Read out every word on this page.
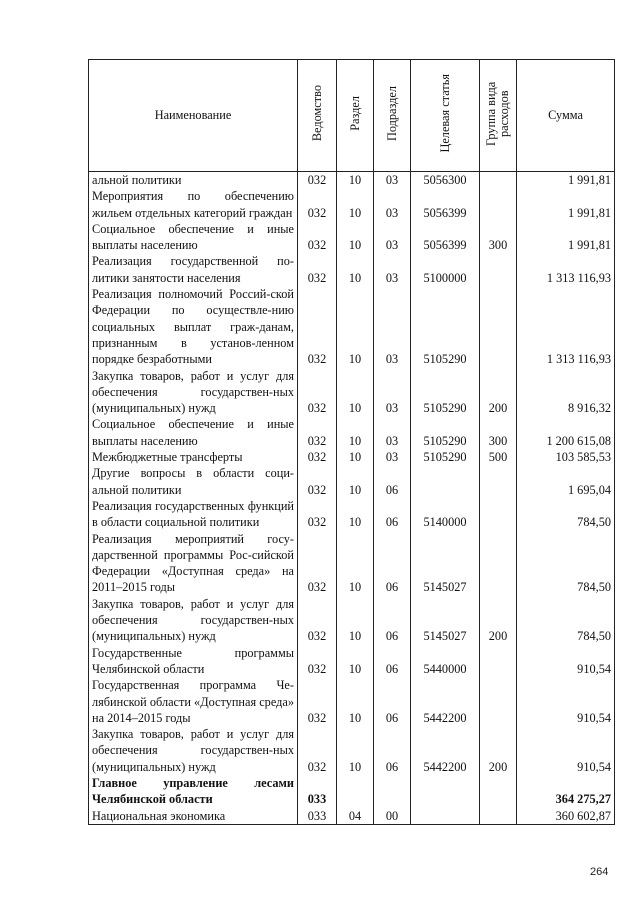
Наименование	Ведомство	Раздел	Подраздел	Целевая статья	Группа вида расходов	Сумма
альной политики	032	10	03	5056300		1 991,81
Мероприятия по обеспечению жильем отдельных категорий граждан	032	10	03	5056399		1 991,81
Социальное обеспечение и иные выплаты населению	032	10	03	5056399	300	1 991,81
Реализация государственной по-литики занятости населения	032	10	03	5100000		1 313 116,93
Реализация полномочий Россий-ской Федерации по осуществле-нию социальных выплат граж-данам, признанным в установ-ленном порядке безработными	032	10	03	5105290		1 313 116,93
Закупка товаров, работ и услуг для обеспечения государствен-ных (муниципальных) нужд	032	10	03	5105290	200	8 916,32
Социальное обеспечение и иные выплаты населению	032	10	03	5105290	300	1 200 615,08
Межбюджетные трансферты	032	10	03	5105290	500	103 585,53
Другие вопросы в области соци-альной политики	032	10	06			1 695,04
Реализация государственных функций в области социальной политики	032	10	06	5140000		784,50
Реализация мероприятий госу-дарственной программы Рос-сийской Федерации «Доступная среда» на 2011–2015 годы	032	10	06	5145027		784,50
Закупка товаров, работ и услуг для обеспечения государствен-ных (муниципальных) нужд	032	10	06	5145027	200	784,50
Государственные программы Челябинской области	032	10	06	5440000		910,54
Государственная программа Че-лябинской области «Доступная среда» на 2014–2015 годы	032	10	06	5442200		910,54
Закупка товаров, работ и услуг для обеспечения государствен-ных (муниципальных) нужд	032	10	06	5442200	200	910,54
Главное управление лесами Челябинской области	033					364 275,27
Национальная экономика	033	04	00			360 602,87
264
